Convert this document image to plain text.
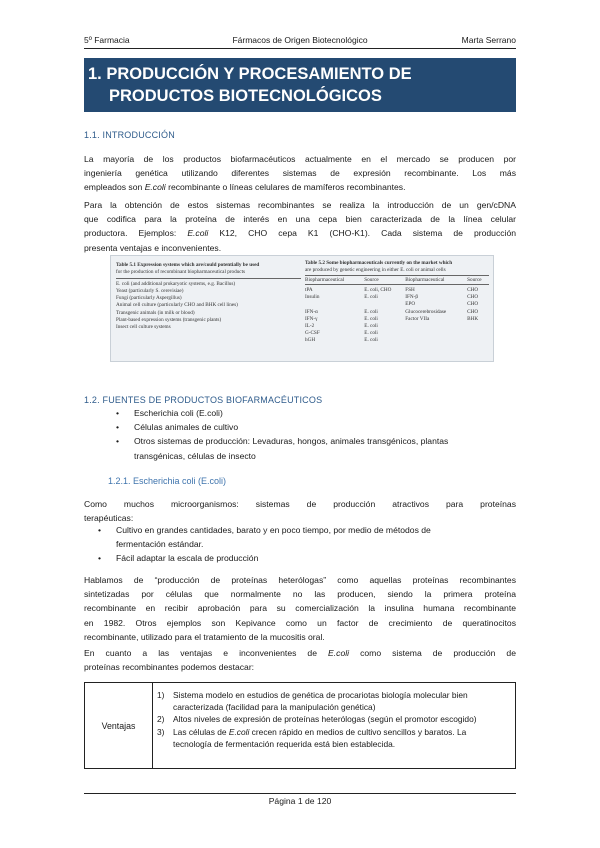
5º Farmacia	Fármacos de Origen Biotecnológico	Marta Serrano
1. PRODUCCIÓN Y PROCESAMIENTO DE
PRODUCTOS BIOTECNOLÓGICOS
1.1. INTRODUCCIÓN

La mayoría de los productos biofarmacéuticos actualmente en el mercado se producen por
ingeniería genética utilizando diferentes sistemas de expresión recombinante. Los más
empleados son E.coli recombinante o líneas celulares de mamíferos recombinantes.

Para la obtención de estos sistemas recombinantes se realiza la introducción de un gen/cDNA
que codifica para la proteína de interés en una cepa bien caracterizada de la línea celular
productora. Ejemplos: E.coli K12, CHO cepa K1 (CHO-K1). Cada sistema de producción
presenta ventajas e inconvenientes.

Table 5.1 Expression systems which are/could potentially be used
for the production of recombinant biopharmaceutical products
E. coli (and additional prokaryotic systems, e.g. Bacillus)
Yeast (particularly S. cerevisiae)
Fungi (particularly Aspergillus)
Animal cell culture (particularly CHO and BHK cell lines)
Transgenic animals (in milk or blood)
Plant-based expression systems (transgenic plants)
Insect cell culture systems
Table 5.2 Some biopharmaceuticals currently on the market which
are produced by genetic engineering in either E. coli or animal cells
Biopharmaceutical	Source	Biopharmaceutical	Source

tPA	E. coli, CHO	FSH	CHO
Insulin	E. coli	IFN-β	CHO
		EPO	CHO
IFN-α	E. coli	Glucocerebrosidase	CHO
IFN-γ	E. coli	Factor VIIa	BHK
IL-2	E. coli		
G-CSF	E. coli		
hGH	E. coli		
1.2. FUENTES DE PRODUCTOS BIOFARMACÉUTICOS
• Escherichia coli (E.coli)
• Células animales de cultivo
• Otros sistemas de producción: Levaduras, hongos, animales transgénicos, plantas
transgénicas, células de insecto
1.2.1. Escherichia coli (E.coli)

Como muchos microorganismos: sistemas de producción atractivos para proteínas
terapéuticas:

• Cultivo en grandes cantidades, barato y en poco tiempo, por medio de métodos de
fermentación estándar.
• Fácil adaptar la escala de producción

Hablamos de “producción de proteínas heterólogas” como aquellas proteínas recombinantes
sintetizadas por células que normalmente no las producen, siendo la primera proteína
recombinante en recibir aprobación para su comercialización la insulina humana recombinante
en 1982. Otros ejemplos son Kepivance como un factor de crecimiento de queratinocitos
recombinante, utilizado para el tratamiento de la mucositis oral.

En cuanto a las ventajas e inconvenientes de E.coli como sistema de producción de
proteínas recombinantes podemos destacar:

Ventajas
1) Sistema modelo en estudios de genética de procariotas biología molecular bien
caracterizada (facilidad para la manipulación genética)
2) Altos niveles de expresión de proteínas heterólogas (según el promotor escogido)
3) Las células de E.coli crecen rápido en medios de cultivo sencillos y baratos. La
tecnología de fermentación requerida está bien establecida.
Página 1 de 120
